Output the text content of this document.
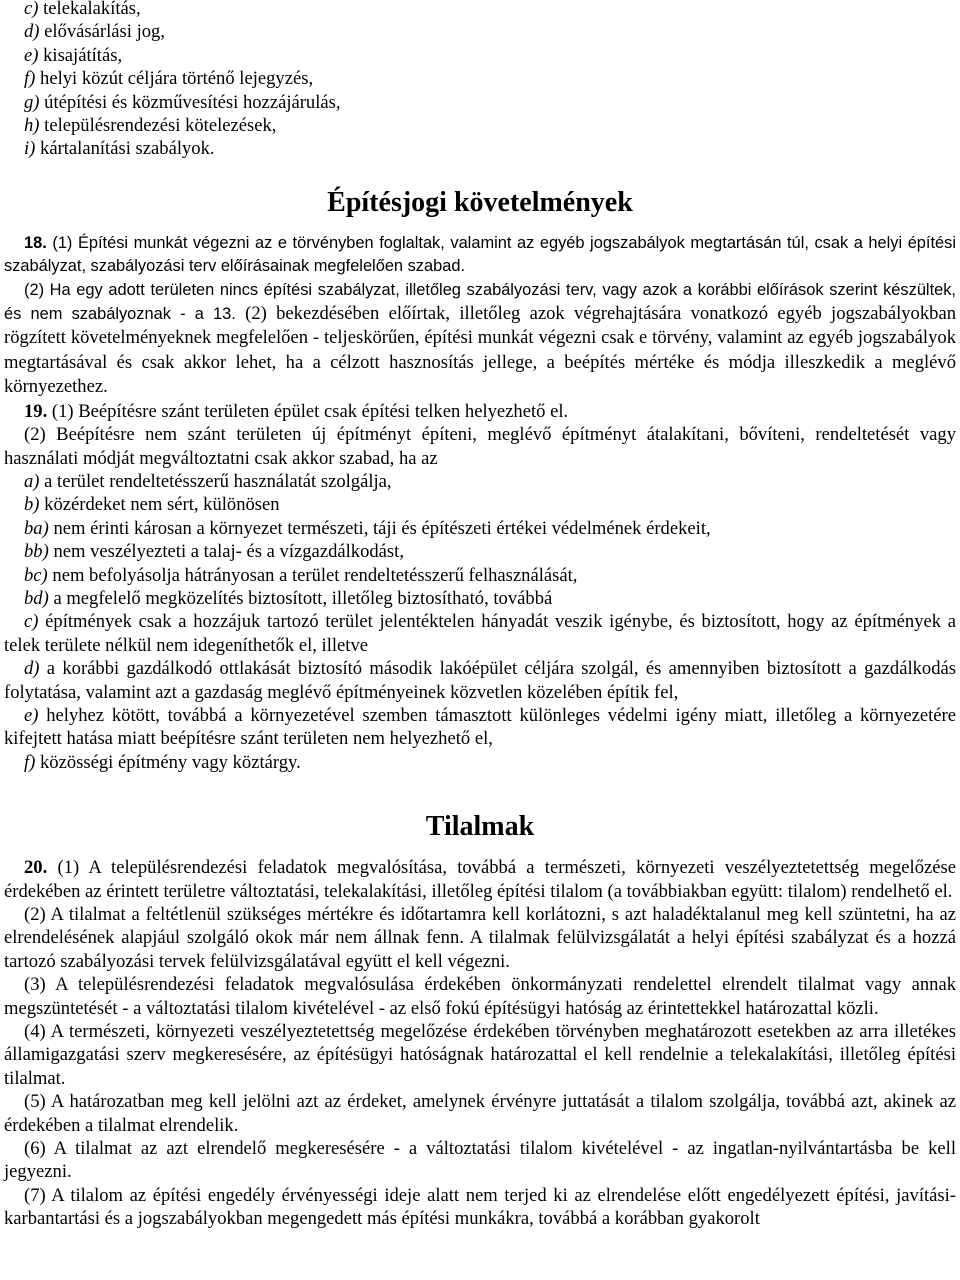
c) telekalakítás,

d) elővásárlási jog,

e) kisajátítás,

f) helyi közút céljára történő lejegyzés,

g) útépítési és közművesítési hozzájárulás,

h) településrendezési kötelezések,

i) kártalanítási szabályok.

Építésjogi követelmények

18. (1) Építési munkát végezni az e törvényben foglaltak, valamint az egyéb jogszabályok megtartásán túl, csak a helyi építési szabályzat, szabályozási terv előírásainak megfelelően szabad.

(2) Ha egy adott területen nincs építési szabályzat, illetőleg szabályozási terv, vagy azok a korábbi előírások szerint készültek, és nem szabályoznak - a 13. (2) bekezdésében előírtak, illetőleg azok végrehajtására vonatkozó egyéb jogszabályokban rögzített követelményeknek megfelelően - teljeskörűen, építési munkát végezni csak e törvény, valamint az egyéb jogszabályok megtartásával és csak akkor lehet, ha a célzott hasznosítás jellege, a beépítés mértéke és módja illeszkedik a meglévő környezethez.

19. (1) Beépítésre szánt területen épület csak építési telken helyezhető el.

(2) Beépítésre nem szánt területen új építményt építeni, meglévő építményt átalakítani, bővíteni, rendeltetését vagy használati módját megváltoztatni csak akkor szabad, ha az

a) a terület rendeltetésszerű használatát szolgálja,

b) közérdeket nem sért, különösen

ba) nem érinti károsan a környezet természeti, táji és építészeti értékei védelmének érdekeit,

bb) nem veszélyezteti a talaj- és a vízgazdálkodást,

bc) nem befolyásolja hátrányosan a terület rendeltetésszerű felhasználását,

bd) a megfelelő megközelítés biztosított, illetőleg biztosítható, továbbá

c) építmények csak a hozzájuk tartozó terület jelentéktelen hányadát veszik igénybe, és biztosított, hogy az építmények a telek területe nélkül nem idegeníthetők el, illetve

d) a korábbi gazdálkodó ottlakását biztosító második lakóépület céljára szolgál, és amennyiben biztosított a gazdálkodás folytatása, valamint azt a gazdaság meglévő építményeinek közvetlen közelében építik fel,

e) helyhez kötött, továbbá a környezetével szemben támasztott különleges védelmi igény miatt, illetőleg a környezetére kifejtett hatása miatt beépítésre szánt területen nem helyezhető el,

f) közösségi építmény vagy köztárgy.

Tilalmak

20. (1) A településrendezési feladatok megvalósítása, továbbá a természeti, környezeti veszélyeztetettség megelőzése érdekében az érintett területre változtatási, telekalakítási, illetőleg építési tilalom (a továbbiakban együtt: tilalom) rendelhető el.

(2) A tilalmat a feltétlenül szükséges mértékre és időtartamra kell korlátozni, s azt haladéktalanul meg kell szüntetni, ha az elrendelésének alapjául szolgáló okok már nem állnak fenn. A tilalmak felülvizsgálatát a helyi építési szabályzat és a hozzá tartozó szabályozási tervek felülvizsgálatával együtt el kell végezni.

(3) A településrendezési feladatok megvalósulása érdekében önkormányzati rendelettel elrendelt tilalmat vagy annak megszüntetését - a változtatási tilalom kivételével - az első fokú építésügyi hatóság az érintettekkel határozattal közli.

(4) A természeti, környezeti veszélyeztetettség megelőzése érdekében törvényben meghatározott esetekben az arra illetékes államigazgatási szerv megkeresésére, az építésügyi hatóságnak határozattal el kell rendelnie a telekalakítási, illetőleg építési tilalmat.

(5) A határozatban meg kell jelölni azt az érdeket, amelynek érvényre juttatását a tilalom szolgálja, továbbá azt, akinek az érdekében a tilalmat elrendelik.

(6) A tilalmat az azt elrendelő megkeresésére - a változtatási tilalom kivételével - az ingatlan-nyilvántartásba be kell jegyezni.

(7) A tilalom az építési engedély érvényességi ideje alatt nem terjed ki az elrendelése előtt engedélyezett építési, javítási-karbantartási és a jogszabályokban megengedett más építési munkákra, továbbá a korábban gyakorolt
